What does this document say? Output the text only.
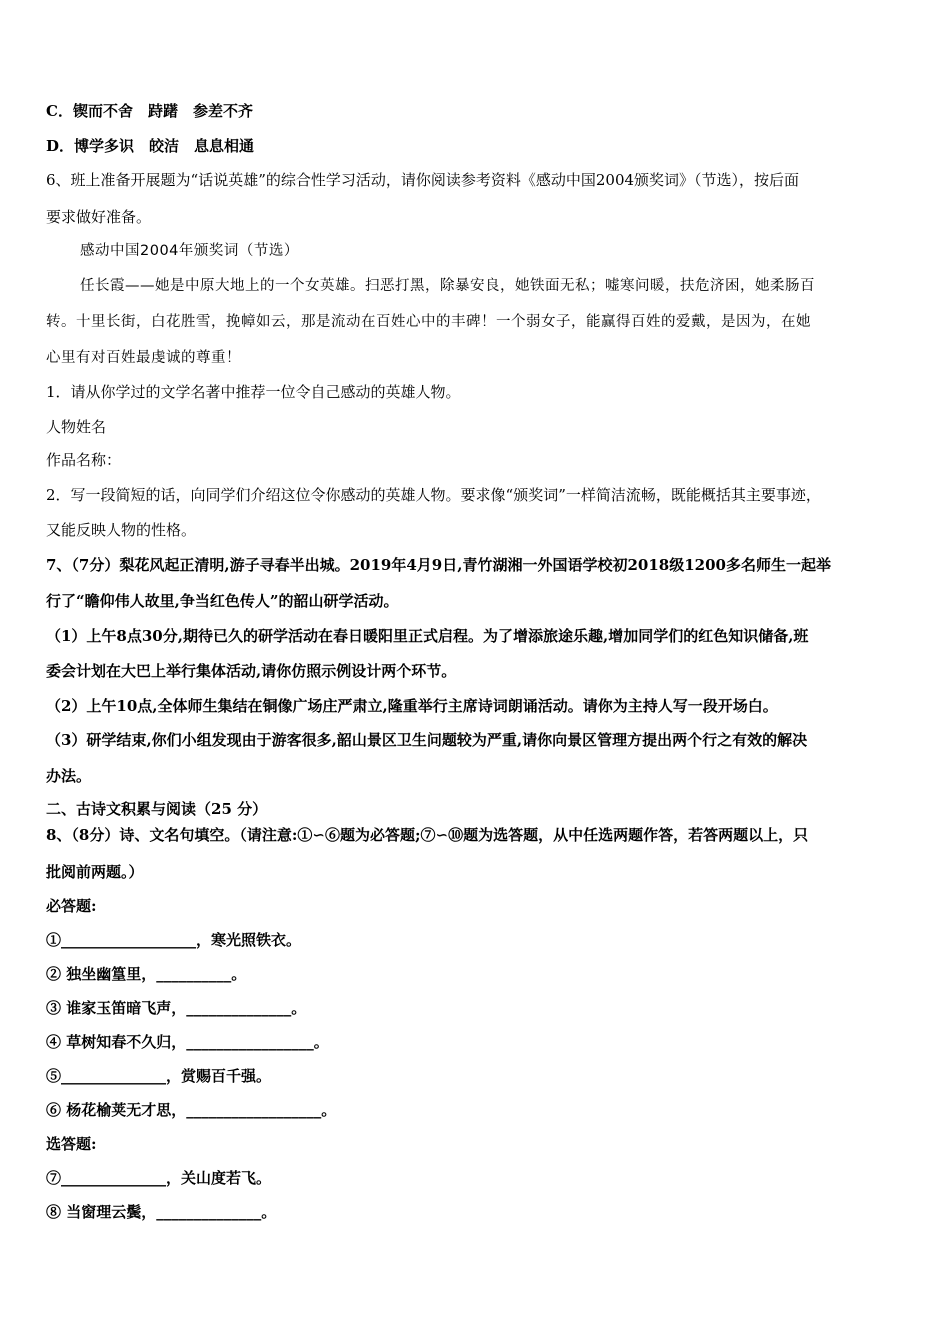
C．锲而不舍　跱躇　参差不齐
D．博学多识　皎洁　息息相通
6、班上准备开展题为“话说英雄”的综合性学习活动，请你阅读参考资料《感动中国2004颁奖词》（节选），按后面
要求做好准备。
感动中国2004年颁奖词（节选）
任长霞——她是中原大地上的一个女英雄。扫恶打黑，除暴安良，她铁面无私；嘘寒问暖，扶危济困，她柔肠百
转。十里长街，白花胜雪，挽幛如云，那是流动在百姓心中的丰碑！一个弱女子，能赢得百姓的爱戴，是因为，在她
心里有对百姓最虔诚的尊重！
1．请从你学过的文学名著中推荐一位令自己感动的英雄人物。
人物姓名
作品名称：
2．写一段简短的话，向同学们介绍这位令你感动的英雄人物。要求像“颁奖词”一样简洁流畅，既能概括其主要事迹，
又能反映人物的性格。
7、（7分）梨花风起正清明,游子寻春半出城。2019年4月9日,青竹湖湘一外国语学校初2018级1200多名师生一起举
行了“瞻仰伟人故里,争当红色传人”的韶山研学活动。
（1）上午8点30分,期待已久的研学活动在春日暖阳里正式启程。为了增添旅途乐趣,增加同学们的红色知识储备,班
委会计划在大巴上举行集体活动,请你仿照示例设计两个环节。
（2）上午10点,全体师生集结在铜像广场庄严肃立,隆重举行主席诗词朗诵活动。请你为主持人写一段开场白。
（3）研学结束,你们小组发现由于游客很多,韶山景区卫生问题较为严重,请你向景区管理方提出两个行之有效的解决
办法。
二、古诗文积累与阅读（25 分）
8、（8分）诗、文名句填空。（请注意:①∽⑥题为必答题;⑦∽⑩题为选答题，从中任选两题作答，若答两题以上，只
批阅前两题。）
必答题:
①__________________，寒光照铁衣。
② 独坐幽篁里，__________。
③ 谁家玉笛暗飞声，______________。
④ 草树知春不久归，_________________。
⑤______________，赏赐百千强。
⑥ 杨花榆荚无才思，__________________。
选答题:
⑦______________，关山度若飞。
⑧ 当窗理云鬓，______________。
